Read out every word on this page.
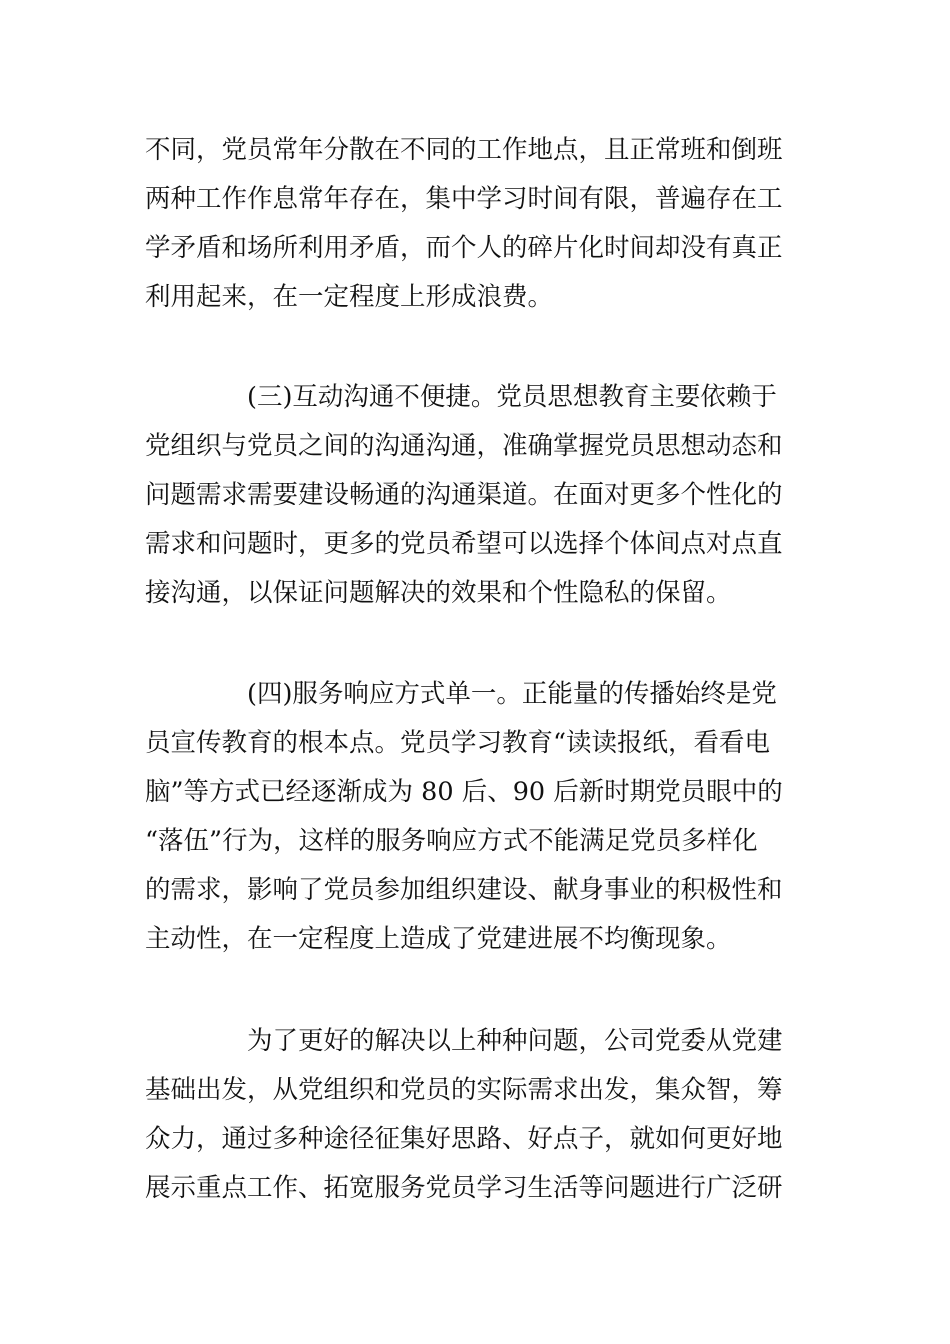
不同，党员常年分散在不同的工作地点，且正常班和倒班
两种工作作息常年存在，集中学习时间有限，普遍存在工
学矛盾和场所利用矛盾，而个人的碎片化时间却没有真正
利用起来，在一定程度上形成浪费。
(三)互动沟通不便捷。党员思想教育主要依赖于
党组织与党员之间的沟通沟通，准确掌握党员思想动态和
问题需求需要建设畅通的沟通渠道。在面对更多个性化的
需求和问题时，更多的党员希望可以选择个体间点对点直
接沟通，以保证问题解决的效果和个性隐私的保留。
(四)服务响应方式单一。正能量的传播始终是党
员宣传教育的根本点。党员学习教育“读读报纸，看看电
脑”等方式已经逐渐成为 80 后、90 后新时期党员眼中的
“落伍”行为，这样的服务响应方式不能满足党员多样化
的需求，影响了党员参加组织建设、献身事业的积极性和
主动性，在一定程度上造成了党建进展不均衡现象。
为了更好的解决以上种种问题，公司党委从党建
基础出发，从党组织和党员的实际需求出发，集众智，筹
众力，通过多种途径征集好思路、好点子，就如何更好地
展示重点工作、拓宽服务党员学习生活等问题进行广泛研
